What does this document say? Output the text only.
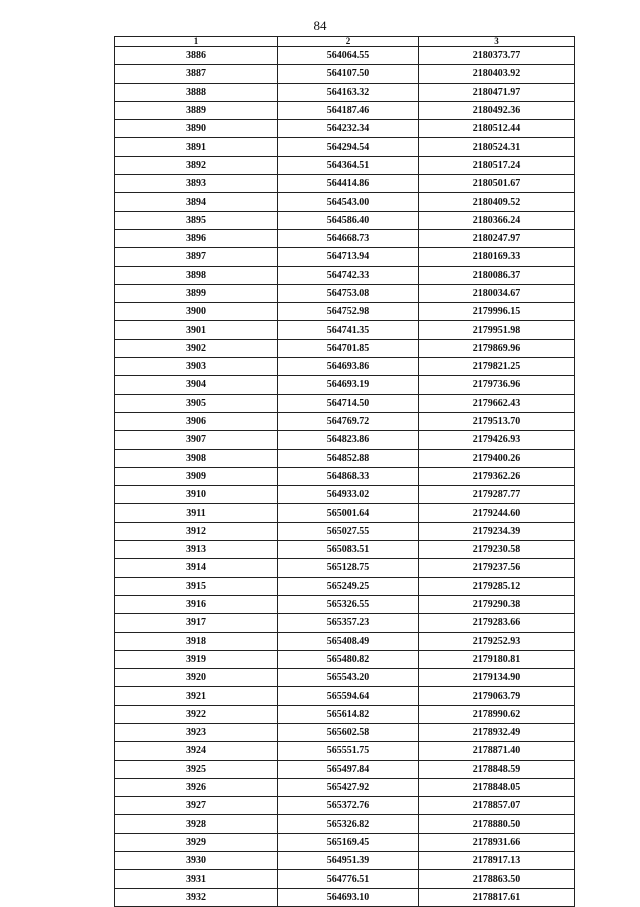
84
1	2	3
3886	564064.55	2180373.77
3887	564107.50	2180403.92
3888	564163.32	2180471.97
3889	564187.46	2180492.36
3890	564232.34	2180512.44
3891	564294.54	2180524.31
3892	564364.51	2180517.24
3893	564414.86	2180501.67
3894	564543.00	2180409.52
3895	564586.40	2180366.24
3896	564668.73	2180247.97
3897	564713.94	2180169.33
3898	564742.33	2180086.37
3899	564753.08	2180034.67
3900	564752.98	2179996.15
3901	564741.35	2179951.98
3902	564701.85	2179869.96
3903	564693.86	2179821.25
3904	564693.19	2179736.96
3905	564714.50	2179662.43
3906	564769.72	2179513.70
3907	564823.86	2179426.93
3908	564852.88	2179400.26
3909	564868.33	2179362.26
3910	564933.02	2179287.77
3911	565001.64	2179244.60
3912	565027.55	2179234.39
3913	565083.51	2179230.58
3914	565128.75	2179237.56
3915	565249.25	2179285.12
3916	565326.55	2179290.38
3917	565357.23	2179283.66
3918	565408.49	2179252.93
3919	565480.82	2179180.81
3920	565543.20	2179134.90
3921	565594.64	2179063.79
3922	565614.82	2178990.62
3923	565602.58	2178932.49
3924	565551.75	2178871.40
3925	565497.84	2178848.59
3926	565427.92	2178848.05
3927	565372.76	2178857.07
3928	565326.82	2178880.50
3929	565169.45	2178931.66
3930	564951.39	2178917.13
3931	564776.51	2178863.50
3932	564693.10	2178817.61
